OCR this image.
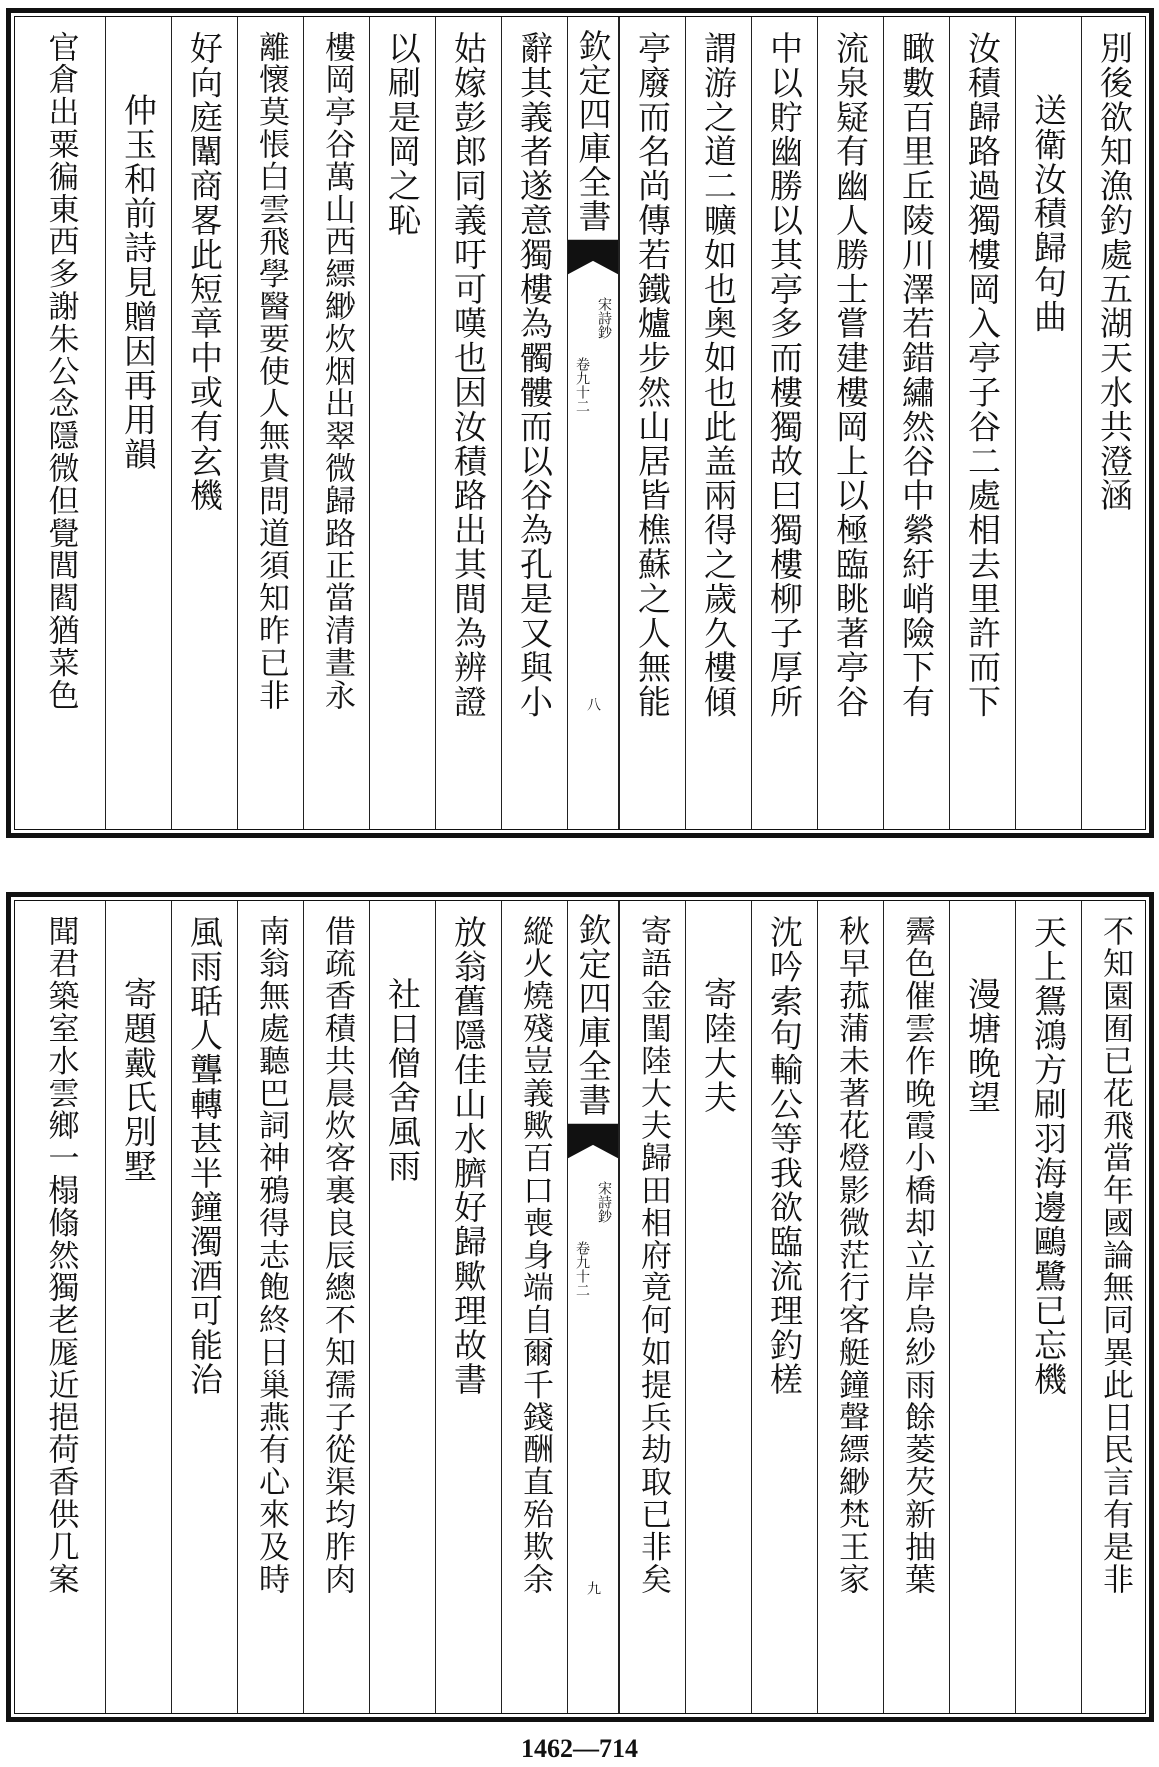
別後欲知漁釣處五湖天水共澄涵
送衛汝積歸句曲
汝積歸路過獨樓岡入亭子谷二處相去里許而下
瞰數百里丘陵川澤若錯繡然谷中縈紆峭險下有
流泉疑有幽人勝士嘗建樓岡上以極臨眺著亭谷
中以貯幽勝以其亭多而樓獨故曰獨樓柳子厚所
謂游之道二曠如也奥如也此盖兩得之歲久樓傾
亭廢而名尚傳若鐵爐步然山居皆樵蘇之人無能
欽定四庫全書
宋詩鈔
卷九十二
八
辭其義者遂意獨樓為髑髏而以谷為孔是又與小
姑嫁彭郎同義吁可嘆也因汝積路出其間為辨證
以刷是岡之恥
樓岡亭谷萬山西縹緲炊烟出翠微歸路正當清晝永
離懷莫悵白雲飛學醫要使人無貴問道須知昨已非
好向庭闈商畧此短章中或有玄機
仲玉和前詩見贈因再用韻
官倉出粟徧東西多謝朱公念隱微但覺閭閻猶菜色
不知園囿已花飛當年國論無同異此日民言有是非
天上鴛鴻方刷羽海邊鷗鷺已忘機
漫塘晚望
霽色催雲作晚霞小橋却立岸烏紗雨餘菱芡新抽葉
秋早菰蒲未著花燈影微茫行客艇鐘聲縹緲梵王家
沈吟索句輸公等我欲臨流理釣槎
寄陸大夫
寄語金閨陸大夫歸田相府竟何如提兵劫取已非矣
欽定四庫全書
宋詩鈔
卷九十二
九
縱火燒殘豈義歟百口喪身端自爾千錢酬直殆欺余
放翁舊隱佳山水臍好歸歟理故書
社日僧舍風雨
借疏香積共晨炊客裏良辰總不知孺子從渠均胙肉
南翁無處聽巴詞神鴉得志飽終日巢燕有心來及時
風雨聒人聾轉甚半鐘濁酒可能治
寄題戴氏別墅
聞君築室水雲鄉一榻翛然獨老厖近挹荷香供几案
1462—714
